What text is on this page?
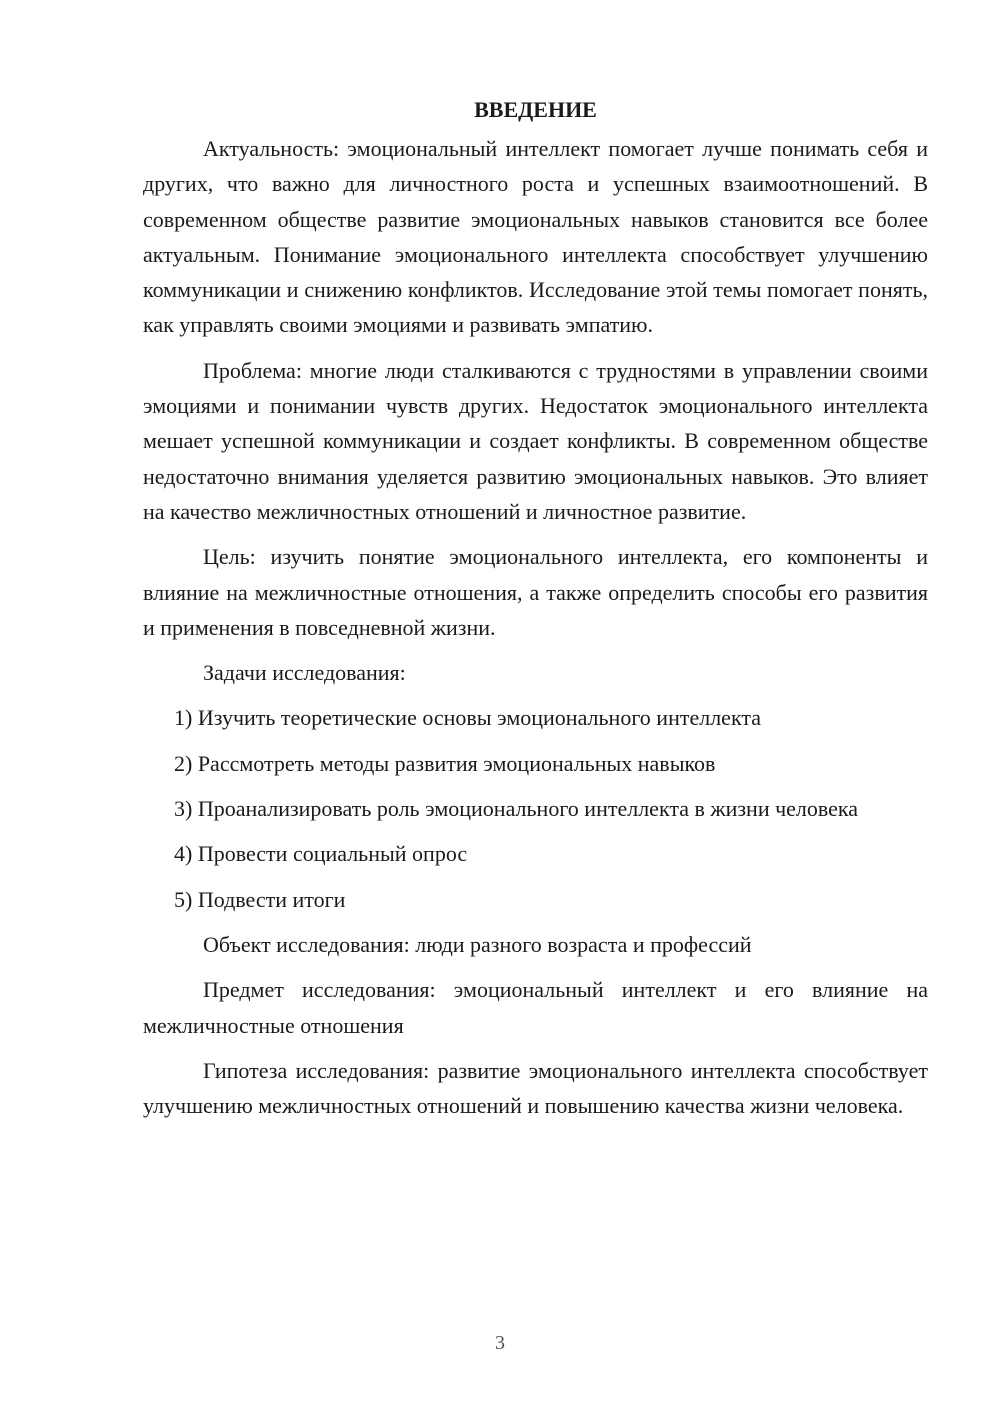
ВВЕДЕНИЕ

Актуальность: эмоциональный интеллект помогает лучше понимать себя и других, что важно для личностного роста и успешных взаимоотношений. В современном обществе развитие эмоциональных навыков становится все более актуальным. Понимание эмоционального интеллекта способствует улучшению коммуникации и снижению конфликтов. Исследование этой темы помогает понять, как управлять своими эмоциями и развивать эмпатию.

Проблема: многие люди сталкиваются с трудностями в управлении своими эмоциями и понимании чувств других. Недостаток эмоционального интеллекта мешает успешной коммуникации и создает конфликты. В современном обществе недостаточно внимания уделяется развитию эмоциональных навыков. Это влияет на качество межличностных отношений и личностное развитие.

Цель: изучить понятие эмоционального интеллекта, его компоненты и влияние на межличностные отношения, а также определить способы его развития и применения в повседневной жизни.

Задачи исследования:

1) Изучить теоретические основы эмоционального интеллекта

2) Рассмотреть методы развития эмоциональных навыков

3) Проанализировать роль эмоционального интеллекта в жизни человека

4) Провести социальный опрос

5) Подвести итоги

Объект исследования: люди разного возраста и профессий

Предмет исследования: эмоциональный интеллект и его влияние на межличностные отношения

Гипотеза исследования: развитие эмоционального интеллекта способствует улучшению межличностных отношений и повышению качества жизни человека.

3
